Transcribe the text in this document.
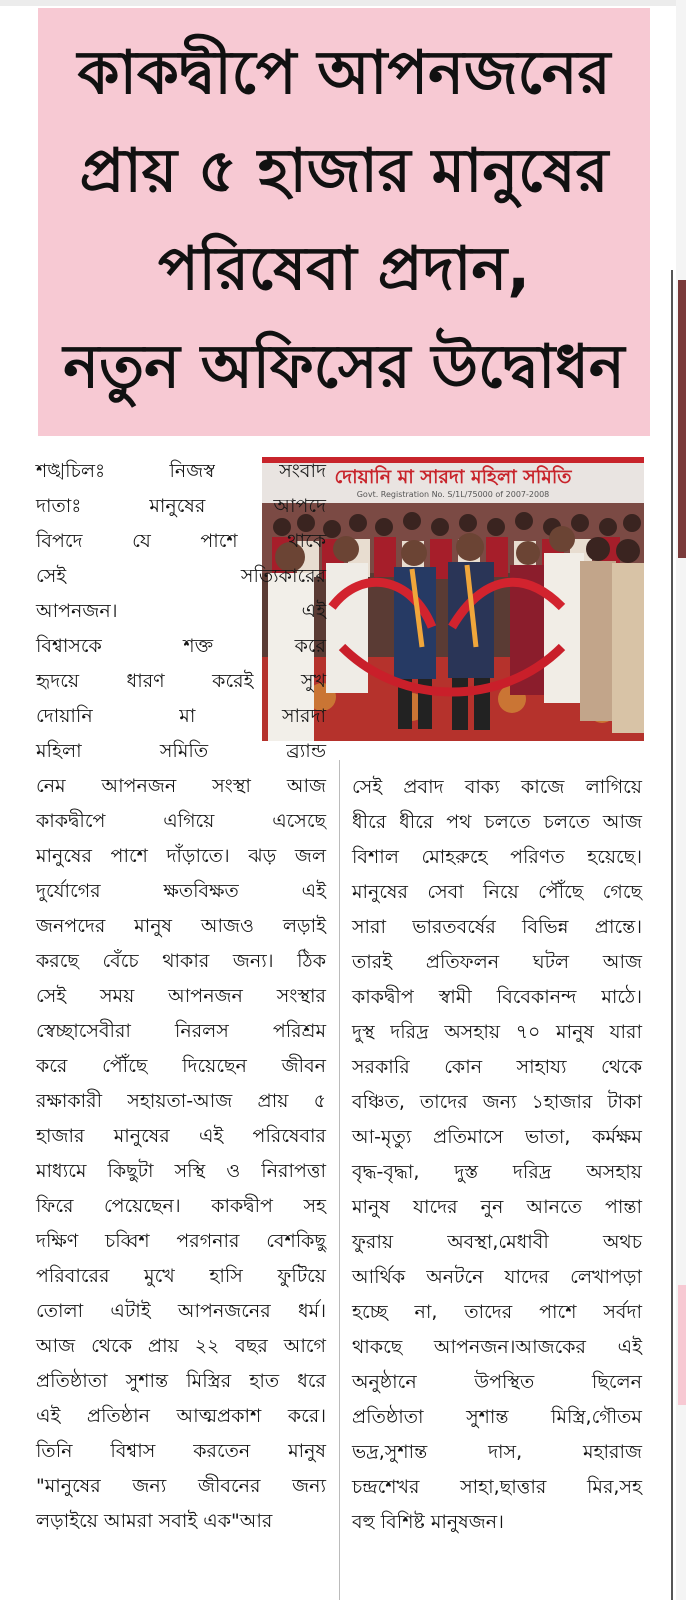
কাকদ্বীপে আপনজনের
প্রায় ৫ হাজার মানুষের
পরিষেবা প্রদান,
নতুন অফিসের উদ্বোধন
দোয়ানি মা সারদা মহিলা সমিতি
Govt. Registration No. S/1L/75000 of 2007-2008

শঙ্খচিলঃ নিজস্ব সংবাদ

দাতাঃ মানুষের আপদে

বিপদে যে পাশে থাকে

সেই সত্যিকারের

আপনজন। এই

বিশ্বাসকে শক্ত করে

হৃদয়ে ধারণ করেই সুখ

দোয়ানি মা সারদা

মহিলা সমিতি ব্র্যান্ড

নেম আপনজন সংস্থা আজ

কাকদ্বীপে এগিয়ে এসেছে

মানুষের পাশে দাঁড়াতে। ঝড় জল

দুর্যোগের ক্ষতবিক্ষত এই

জনপদের মানুষ আজও লড়াই

করছে বেঁচে থাকার জন্য। ঠিক

সেই সময় আপনজন সংস্থার

স্বেচ্ছাসেবীরা নিরলস পরিশ্রম

করে পৌঁছে দিয়েছেন জীবন

রক্ষাকারী সহায়তা-আজ প্রায় ৫

হাজার মানুষের এই পরিষেবার

মাধ্যমে কিছুটা সস্থি ও নিরাপত্তা

ফিরে পেয়েছেন। কাকদ্বীপ সহ

দক্ষিণ চব্বিশ পরগনার বেশকিছু

পরিবারের মুখে হাসি ফুটিয়ে

তোলা এটাই আপনজনের ধর্ম।

আজ থেকে প্রায় ২২ বছর আগে

প্রতিষ্ঠাতা সুশান্ত মিস্ত্রির হাত ধরে

এই প্রতিষ্ঠান আত্মপ্রকাশ করে।

তিনি বিশ্বাস করতেন মানুষ

"মানুষের জন্য জীবনের জন্য

লড়াইয়ে আমরা সবাই এক"আর

সেই প্রবাদ বাক্য কাজে লাগিয়ে

ধীরে ধীরে পথ চলতে চলতে আজ

বিশাল মোহরুহে পরিণত হয়েছে।

মানুষের সেবা নিয়ে পৌঁছে গেছে

সারা ভারতবর্ষের বিভিন্ন প্রান্তে।

তারই প্রতিফলন ঘটল আজ

কাকদ্বীপ স্বামী বিবেকানন্দ মাঠে।

দুস্থ দরিদ্র অসহায় ৭০ মানুষ যারা

সরকারি কোন সাহায্য থেকে

বঞ্চিত, তাদের জন্য ১হাজার টাকা

আ-মৃত্যু প্রতিমাসে ভাতা, কর্মক্ষম

বৃদ্ধ-বৃদ্ধা, দুস্ত দরিদ্র অসহায়

মানুষ যাদের নুন আনতে পান্তা

ফুরায় অবস্থা,মেধাবী অথচ

আর্থিক অনটনে যাদের লেখাপড়া

হচ্ছে না, তাদের পাশে সর্বদা

থাকছে আপনজন।আজকের এই

অনুষ্ঠানে উপস্থিত ছিলেন

প্রতিষ্ঠাতা সুশান্ত মিস্ত্রি,গৌতম

ভদ্র,সুশান্ত দাস, মহারাজ

চন্দ্রশেখর সাহা,ছাত্তার মির,সহ

বহু বিশিষ্ট মানুষজন।
